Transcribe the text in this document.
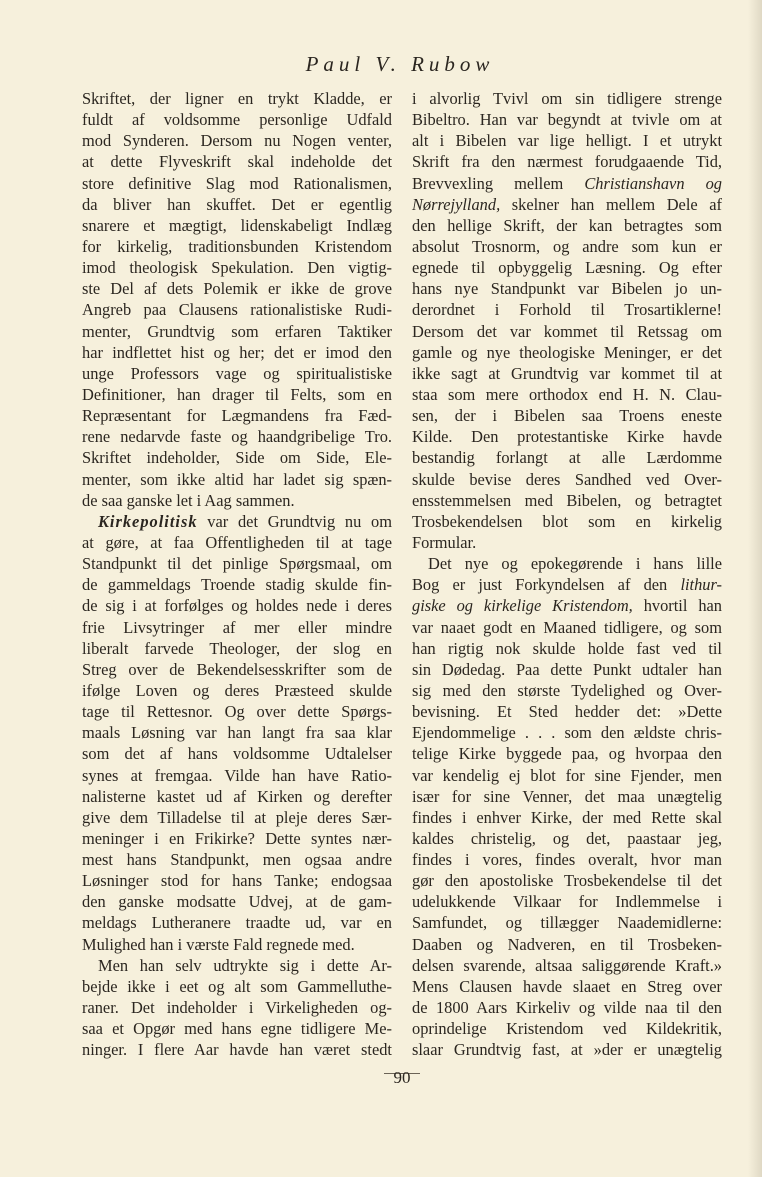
Paul V. Rubow
Skriftet, der ligner en trykt Kladde, er
fuldt af voldsomme personlige Udfald
mod Synderen. Dersom nu Nogen venter,
at dette Flyveskrift skal indeholde det
store definitive Slag mod Rationalismen,
da bliver han skuffet. Det er egentlig
snarere et mægtigt, lidenskabeligt Indlæg
for kirkelig, traditionsbunden Kristendom
imod theologisk Spekulation. Den vigtig-
ste Del af dets Polemik er ikke de grove
Angreb paa Clausens rationalistiske Rudi-
menter, Grundtvig som erfaren Taktiker
har indflettet hist og her; det er imod den
unge Professors vage og spiritualistiske
Definitioner, han drager til Felts, som en
Repræsentant for Lægmandens fra Fæd-
rene nedarvde faste og haandgribelige Tro.
Skriftet indeholder, Side om Side, Ele-
menter, som ikke altid har ladet sig spæn-
de saa ganske let i Aag sammen.
Kirkepolitisk var det Grundtvig nu om
at gøre, at faa Offentligheden til at tage
Standpunkt til det pinlige Spørgsmaal, om
de gammeldags Troende stadig skulde fin-
de sig i at forfølges og holdes nede i deres
frie Livsytringer af mer eller mindre
liberalt farvede Theologer, der slog en
Streg over de Bekendelsesskrifter som de
ifølge Loven og deres Præsteed skulde
tage til Rettesnor. Og over dette Spørgs-
maals Løsning var han langt fra saa klar
som det af hans voldsomme Udtalelser
synes at fremgaa. Vilde han have Ratio-
nalisterne kastet ud af Kirken og derefter
give dem Tilladelse til at pleje deres Sær-
meninger i en Frikirke? Dette syntes nær-
mest hans Standpunkt, men ogsaa andre
Løsninger stod for hans Tanke; endogsaa
den ganske modsatte Udvej, at de gam-
meldags Lutheranere traadte ud, var en
Mulighed han i værste Fald regnede med.
Men han selv udtrykte sig i dette Ar-
bejde ikke i eet og alt som Gammelluthe-
raner. Det indeholder i Virkeligheden og-
saa et Opgør med hans egne tidligere Me-
ninger. I flere Aar havde han været stedt
i alvorlig Tvivl om sin tidligere strenge
Bibeltro. Han var begyndt at tvivle om at
alt i Bibelen var lige helligt. I et utrykt
Skrift fra den nærmest forudgaaende Tid,
Brevvexling mellem Christianshavn og
Nørrejylland, skelner han mellem Dele af
den hellige Skrift, der kan betragtes som
absolut Trosnorm, og andre som kun er
egnede til opbyggelig Læsning. Og efter
hans nye Standpunkt var Bibelen jo un-
derordnet i Forhold til Trosartiklerne!
Dersom det var kommet til Retssag om
gamle og nye theologiske Meninger, er det
ikke sagt at Grundtvig var kommet til at
staa som mere orthodox end H. N. Clau-
sen, der i Bibelen saa Troens eneste
Kilde. Den protestantiske Kirke havde
bestandig forlangt at alle Lærdomme
skulde bevise deres Sandhed ved Over-
ensstemmelsen med Bibelen, og betragtet
Trosbekendelsen blot som en kirkelig
Formular.
Det nye og epokegørende i hans lille
Bog er just Forkyndelsen af den lithur-
giske og kirkelige Kristendom, hvortil han
var naaet godt en Maaned tidligere, og som
han rigtig nok skulde holde fast ved til
sin Dødedag. Paa dette Punkt udtaler han
sig med den største Tydelighed og Over-
bevisning. Et Sted hedder det: »Dette
Ejendommelige . . . som den ældste chris-
telige Kirke byggede paa, og hvorpaa den
var kendelig ej blot for sine Fjender, men
især for sine Venner, det maa unægtelig
findes i enhver Kirke, der med Rette skal
kaldes christelig, og det, paastaar jeg,
findes i vores, findes overalt, hvor man
gør den apostoliske Trosbekendelse til det
udelukkende Vilkaar for Indlemmelse i
Samfundet, og tillægger Naademidlerne:
Daaben og Nadveren, en til Trosbeken-
delsen svarende, altsaa saliggørende Kraft.»
Mens Clausen havde slaaet en Streg over
de 1800 Aars Kirkeliv og vilde naa til den
oprindelige Kristendom ved Kildekritik,
slaar Grundtvig fast, at »der er unægtelig
90
